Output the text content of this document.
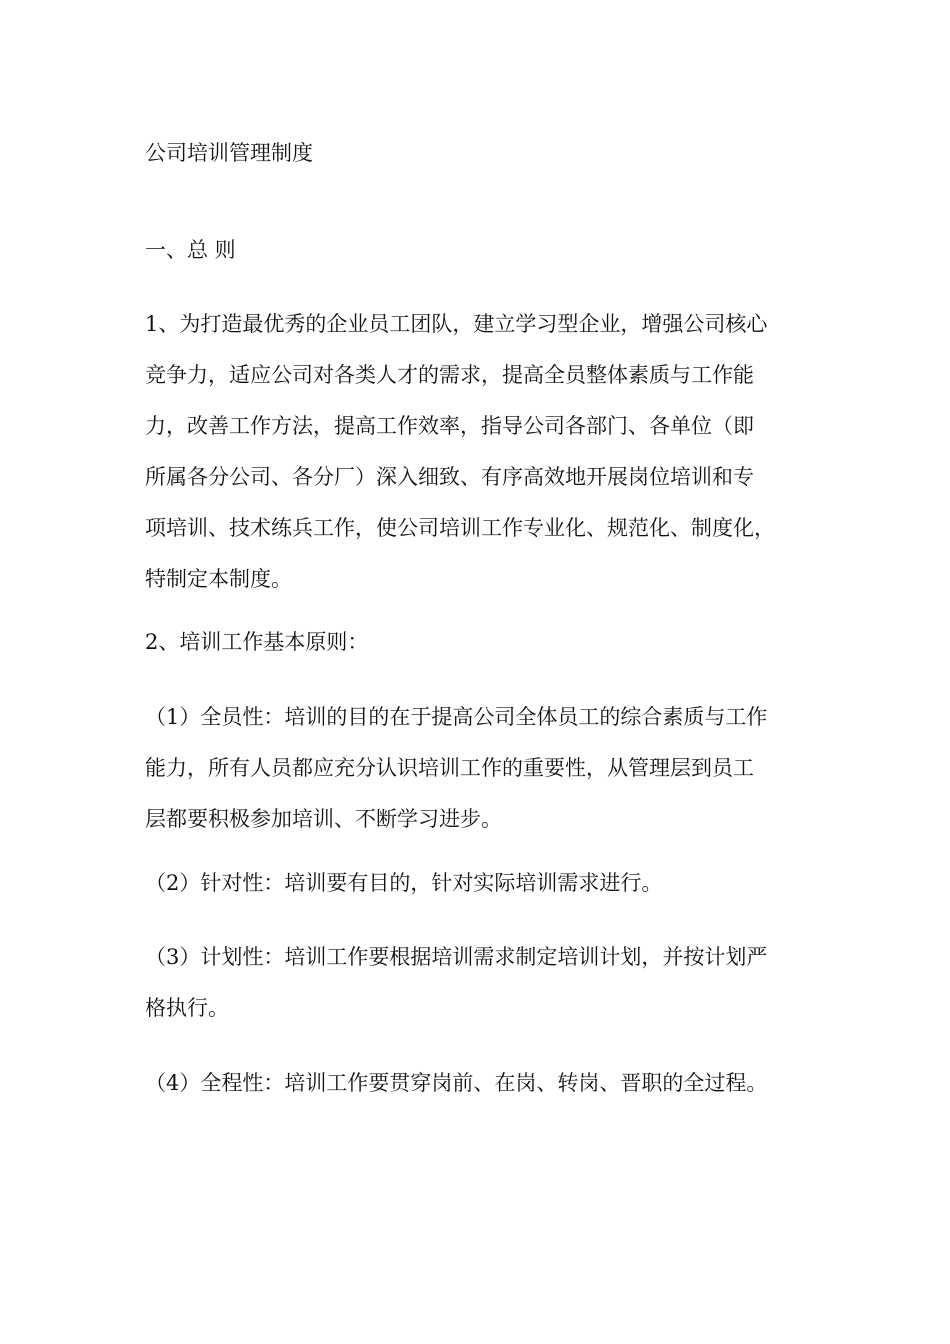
公司培训管理制度

一、总 则

1、为打造最优秀的企业员工团队，建立学习型企业，增强公司核心
竞争力，适应公司对各类人才的需求，提高全员整体素质与工作能
力，改善工作方法，提高工作效率，指导公司各部门、各单位（即
所属各分公司、各分厂）深入细致、有序高效地开展岗位培训和专
项培训、技术练兵工作，使公司培训工作专业化、规范化、制度化，
特制定本制度。

2、培训工作基本原则：

（1）全员性：培训的目的在于提高公司全体员工的综合素质与工作
能力，所有人员都应充分认识培训工作的重要性，从管理层到员工
层都要积极参加培训、不断学习进步。

（2）针对性：培训要有目的，针对实际培训需求进行。

（3）计划性：培训工作要根据培训需求制定培训计划，并按计划严
格执行。

（4）全程性：培训工作要贯穿岗前、在岗、转岗、晋职的全过程。
